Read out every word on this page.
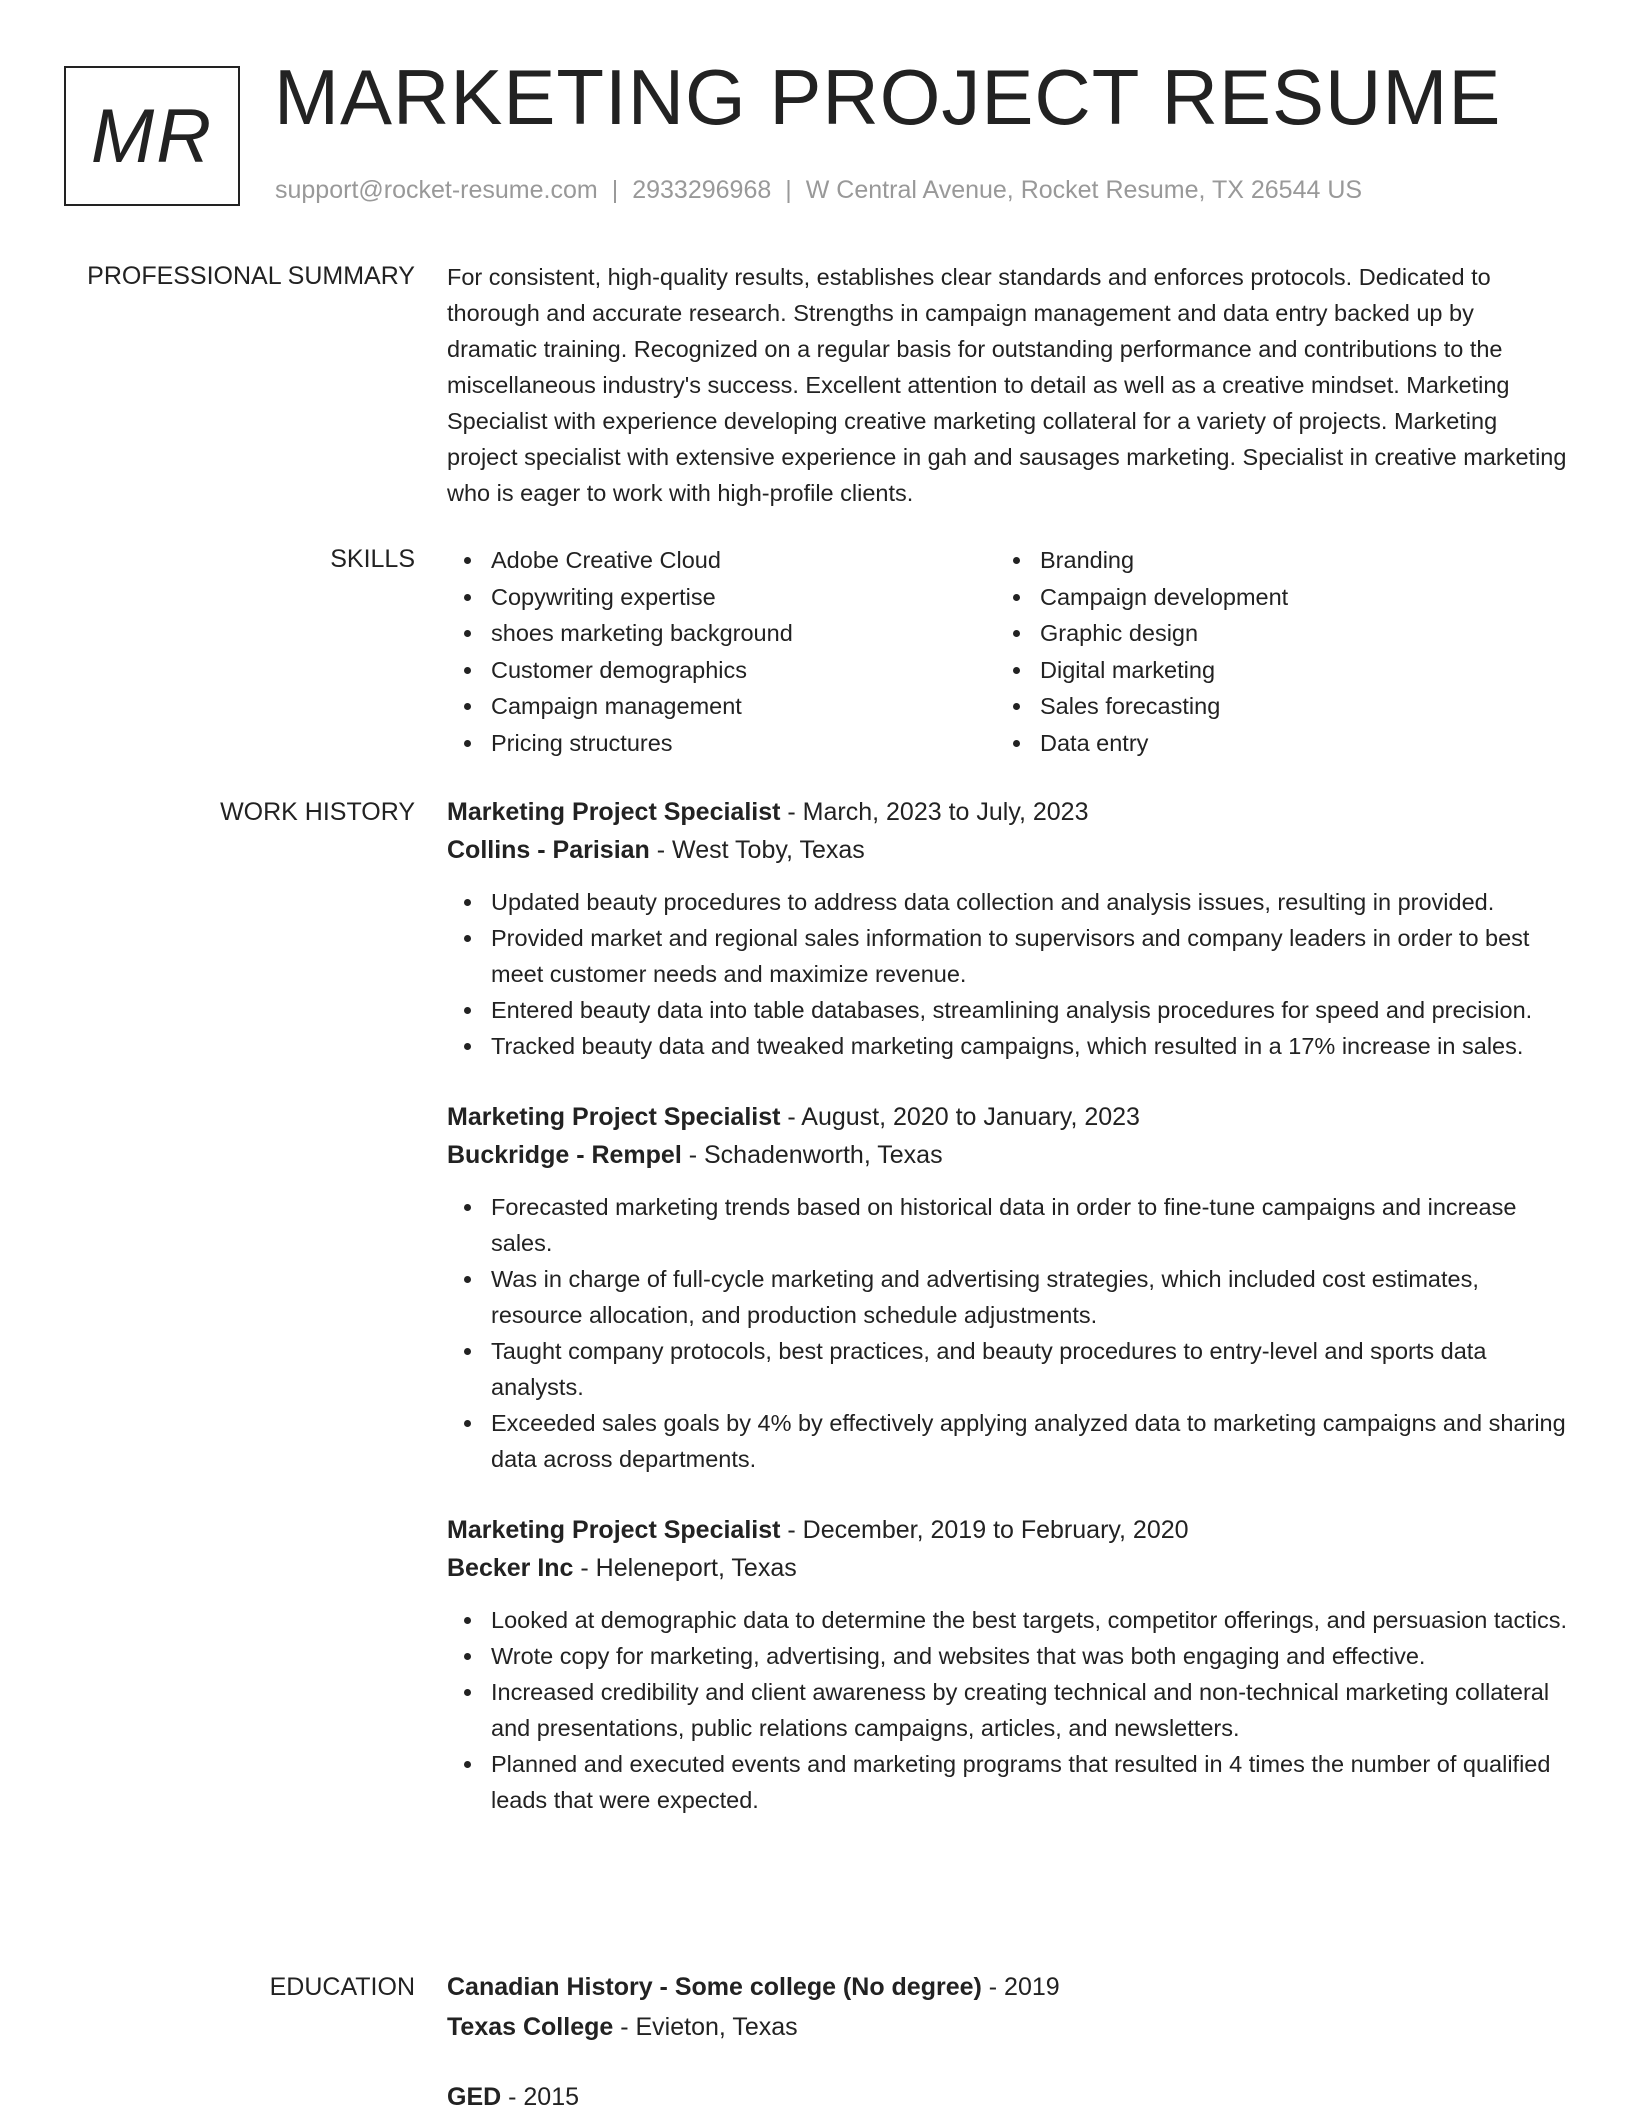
MR MARKETING PROJECT RESUME
support@rocket-resume.com | 2933296968 | W Central Avenue, Rocket Resume, TX 26544 US
PROFESSIONAL SUMMARY For consistent, high-quality results, establishes clear standards and enforces protocols. Dedicated to thorough and accurate research. Strengths in campaign management and data entry backed up by dramatic training. Recognized on a regular basis for outstanding performance and contributions to the miscellaneous industry's success. Excellent attention to detail as well as a creative mindset. Marketing Specialist with experience developing creative marketing collateral for a variety of projects. Marketing project specialist with extensive experience in gah and sausages marketing. Specialist in creative marketing who is eager to work with high-profile clients.

SKILLS	Adobe Creative Cloud
Copywriting expertise
shoes marketing background
Customer demographics
Campaign management
Pricing structures
Branding
Campaign development
Graphic design
Digital marketing
Sales forecasting
Data entry
WORK HISTORY Marketing Project Specialist - March, 2023 to July, 2023
Collins - Parisian - West Toby, Texas
Updated beauty procedures to address data collection and analysis issues, resulting in provided.
Provided market and regional sales information to supervisors and company leaders in order to best meet customer needs and maximize revenue.
Entered beauty data into table databases, streamlining analysis procedures for speed and precision.
Tracked beauty data and tweaked marketing campaigns, which resulted in a 17% increase in sales.
Marketing Project Specialist - August, 2020 to January, 2023
Buckridge - Rempel - Schadenworth, Texas
Forecasted marketing trends based on historical data in order to fine-tune campaigns and increase sales.
Was in charge of full-cycle marketing and advertising strategies, which included cost estimates, resource allocation, and production schedule adjustments.
Taught company protocols, best practices, and beauty procedures to entry-level and sports data analysts.
Exceeded sales goals by 4% by effectively applying analyzed data to marketing campaigns and sharing data across departments.
Marketing Project Specialist - December, 2019 to February, 2020
Becker Inc - Heleneport, Texas
Looked at demographic data to determine the best targets, competitor offerings, and persuasion tactics.
Wrote copy for marketing, advertising, and websites that was both engaging and effective.
Increased credibility and client awareness by creating technical and non-technical marketing collateral and presentations, public relations campaigns, articles, and newsletters.
Planned and executed events and marketing programs that resulted in 4 times the number of qualified leads that were expected.
EDUCATION Canadian History - Some college (No degree) - 2019
Texas College - Evieton, Texas
GED - 2015
